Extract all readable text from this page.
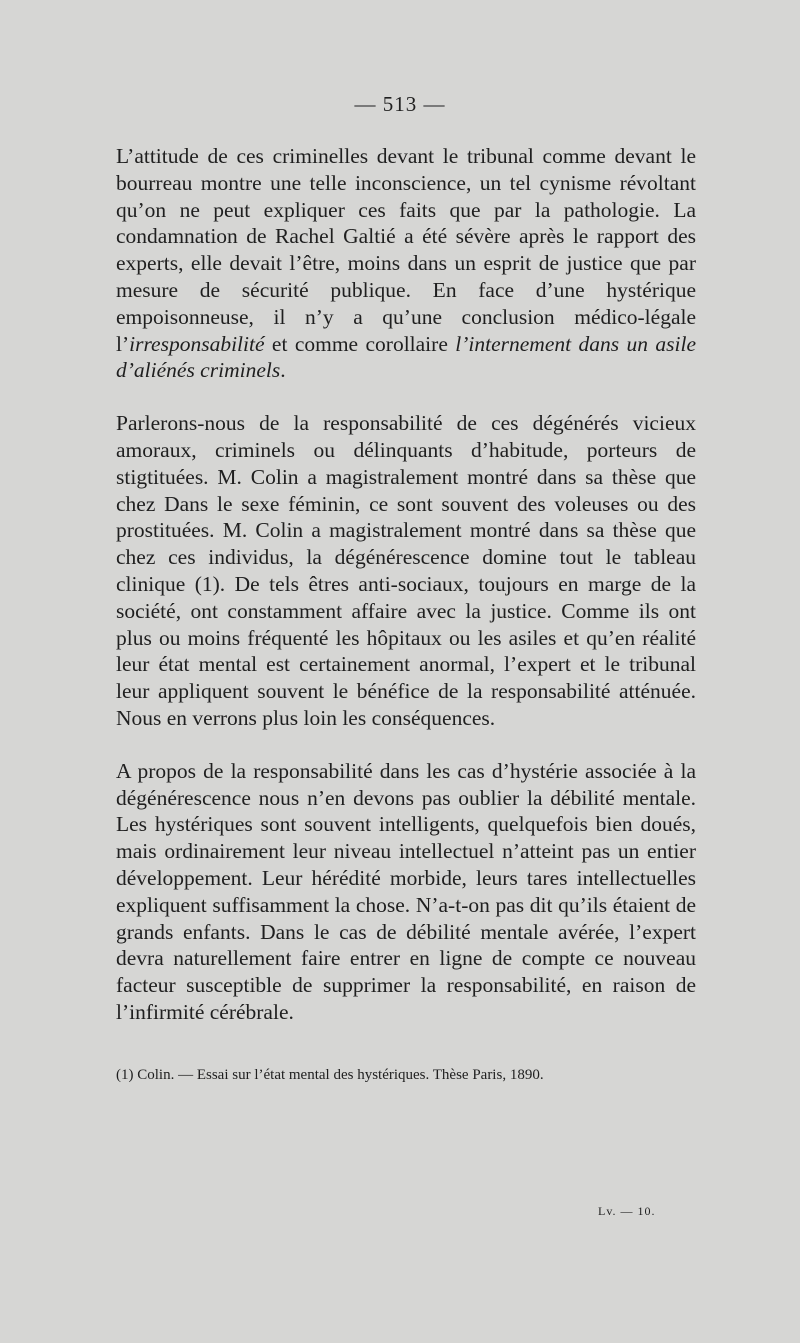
— 513 —

L’attitude de ces criminelles devant le tribunal comme devant le bourreau montre une telle inconscience, un tel cynisme révoltant qu’on ne peut expliquer ces faits que par la pathologie. La condamnation de Rachel Galtié a été sévère après le rapport des experts, elle devait l’être, moins dans un esprit de justice que par mesure de sécurité publique. En face d’une hystérique empoisonneuse, il n’y a qu’une conclusion médico-légale l’irresponsabilité et comme corollaire l’internement dans un asile d’aliénés criminels.

Parlerons-nous de la responsabilité de ces dégénérés vicieux amoraux, criminels ou délinquants d’habitude, porteurs de stigtituées. M. Colin a magistralement montré dans sa thèse que chez Dans le sexe féminin, ce sont souvent des voleuses ou des prostituées. M. Colin a magistralement montré dans sa thèse que chez ces individus, la dégénérescence domine tout le tableau clinique (1). De tels êtres anti-sociaux, toujours en marge de la société, ont constamment affaire avec la justice. Comme ils ont plus ou moins fréquenté les hôpitaux ou les asiles et qu’en réalité leur état mental est certainement anormal, l’expert et le tribunal leur appliquent souvent le bénéfice de la responsabilité atténuée. Nous en verrons plus loin les conséquences.

A propos de la responsabilité dans les cas d’hystérie associée à la dégénérescence nous n’en devons pas oublier la débilité mentale. Les hystériques sont souvent intelligents, quelquefois bien doués, mais ordinairement leur niveau intellectuel n’atteint pas un entier développement. Leur hérédité morbide, leurs tares intellectuelles expliquent suffisamment la chose. N’a-t-on pas dit qu’ils étaient de grands enfants. Dans le cas de débilité mentale avérée, l’expert devra naturellement faire entrer en ligne de compte ce nouveau facteur susceptible de supprimer la responsabilité, en raison de l’infirmité cérébrale.

(1) Colin. — Essai sur l’état mental des hystériques. Thèse Paris, 1890.

Lv. — 10.
